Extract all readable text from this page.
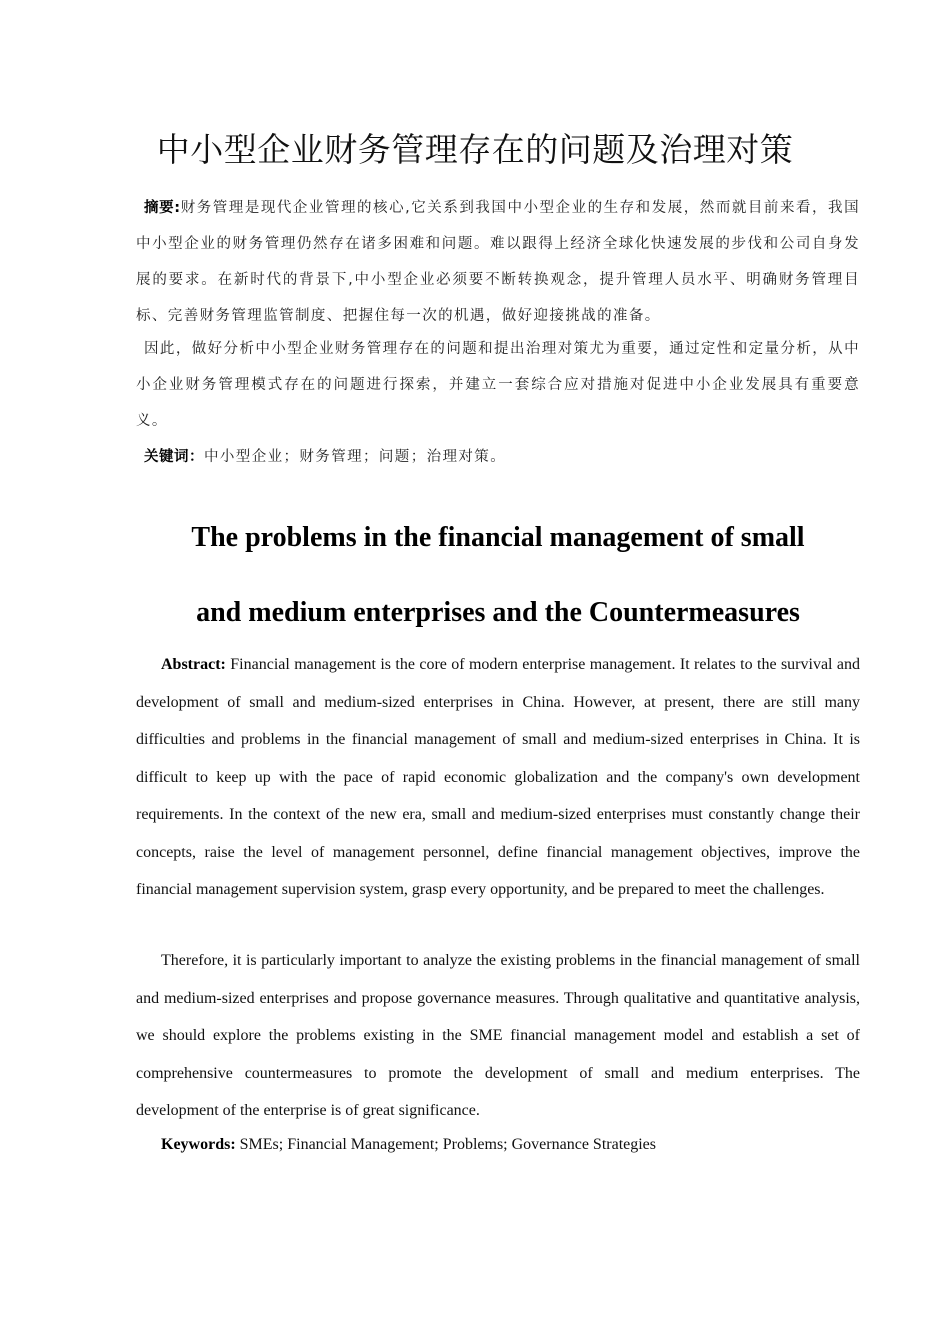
中小型企业财务管理存在的问题及治理对策

摘要:财务管理是现代企业管理的核心,它关系到我国中小型企业的生存和发展，然而就目前来看，我国中小型企业的财务管理仍然存在诸多困难和问题。难以跟得上经济全球化快速发展的步伐和公司自身发展的要求。在新时代的背景下,中小型企业必须要不断转换观念，提升管理人员水平、明确财务管理目标、完善财务管理监管制度、把握住每一次的机遇，做好迎接挑战的准备。

因此，做好分析中小型企业财务管理存在的问题和提出治理对策尤为重要，通过定性和定量分析，从中小企业财务管理模式存在的问题进行探索，并建立一套综合应对措施对促进中小企业发展具有重要意义。

关键词：中小型企业；财务管理；问题；治理对策。

The problems in the financial management of small
and medium enterprises and the Countermeasures

Abstract: Financial management is the core of modern enterprise management. It relates to the survival and development of small and medium-sized enterprises in China. However, at present, there are still many difficulties and problems in the financial management of small and medium-sized enterprises in China. It is difficult to keep up with the pace of rapid economic globalization and the company's own development requirements. In the context of the new era, small and medium-sized enterprises must constantly change their concepts, raise the level of management personnel, define financial management objectives, improve the financial management supervision system, grasp every opportunity, and be prepared to meet the challenges.

Therefore, it is particularly important to analyze the existing problems in the financial management of small and medium-sized enterprises and propose governance measures. Through qualitative and quantitative analysis, we should explore the problems existing in the SME financial management model and establish a set of comprehensive countermeasures to promote the development of small and medium enterprises. The development of the enterprise is of great significance.

Keywords: SMEs; Financial Management; Problems; Governance Strategies
